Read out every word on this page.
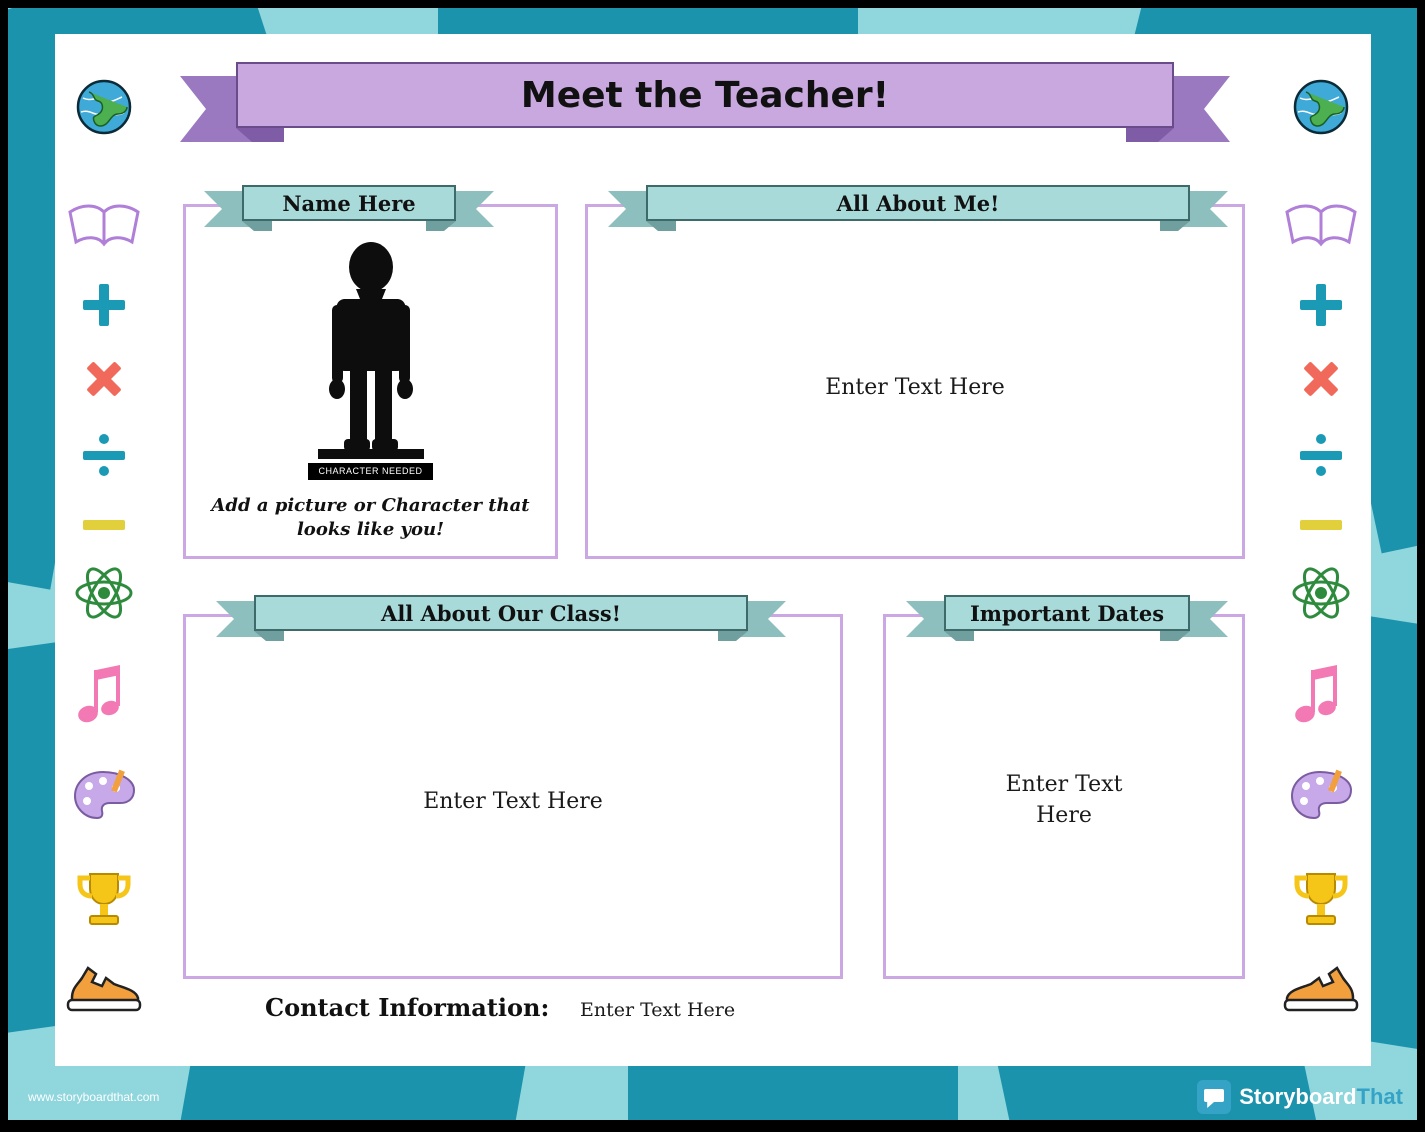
Meet the Teacher!
Name Here
CHARACTER NEEDED
Add a picture or Character that looks like you!
All About Me!
Enter Text Here
All About Our Class!
Enter Text Here
Important Dates
Enter Text
Here
Contact Information: Enter Text Here
www.storyboardthat.com	StoryboardThat
